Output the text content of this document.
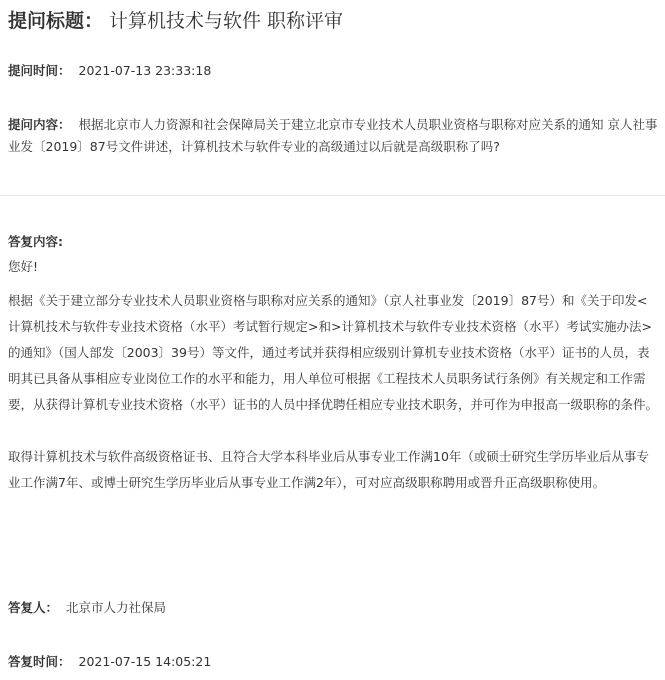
提问标题： 计算机技术与软件 职称评审
提问时间： 2021-07-13 23:33:18
提问内容： 根据北京市人力资源和社会保障局关于建立北京市专业技术人员职业资格与职称对应关系的通知 京人社事业发〔2019〕87号文件讲述，计算机技术与软件专业的高级通过以后就是高级职称了吗?
答复内容:
您好!
根据《关于建立部分专业技术人员职业资格与职称对应关系的通知》（京人社事业发〔2019〕87号）和《关于印发<计算机技术与软件专业技术资格（水平）考试暂行规定>和>计算机技术与软件专业技术资格（水平）考试实施办法>的通知》（国人部发〔2003〕39号）等文件，通过考试并获得相应级别计算机专业技术资格（水平）证书的人员，表明其已具备从事相应专业岗位工作的水平和能力，用人单位可根据《工程技术人员职务试行条例》有关规定和工作需要，从获得计算机专业技术资格（水平）证书的人员中择优聘任相应专业技术职务，并可作为申报高一级职称的条件。
取得计算机技术与软件高级资格证书、且符合大学本科毕业后从事专业工作满10年（或硕士研究生学历毕业后从事专业工作满7年、或博士研究生学历毕业后从事专业工作满2年），可对应高级职称聘用或晋升正高级职称使用。
答复人： 北京市人力社保局
答复时间： 2021-07-15 14:05:21
